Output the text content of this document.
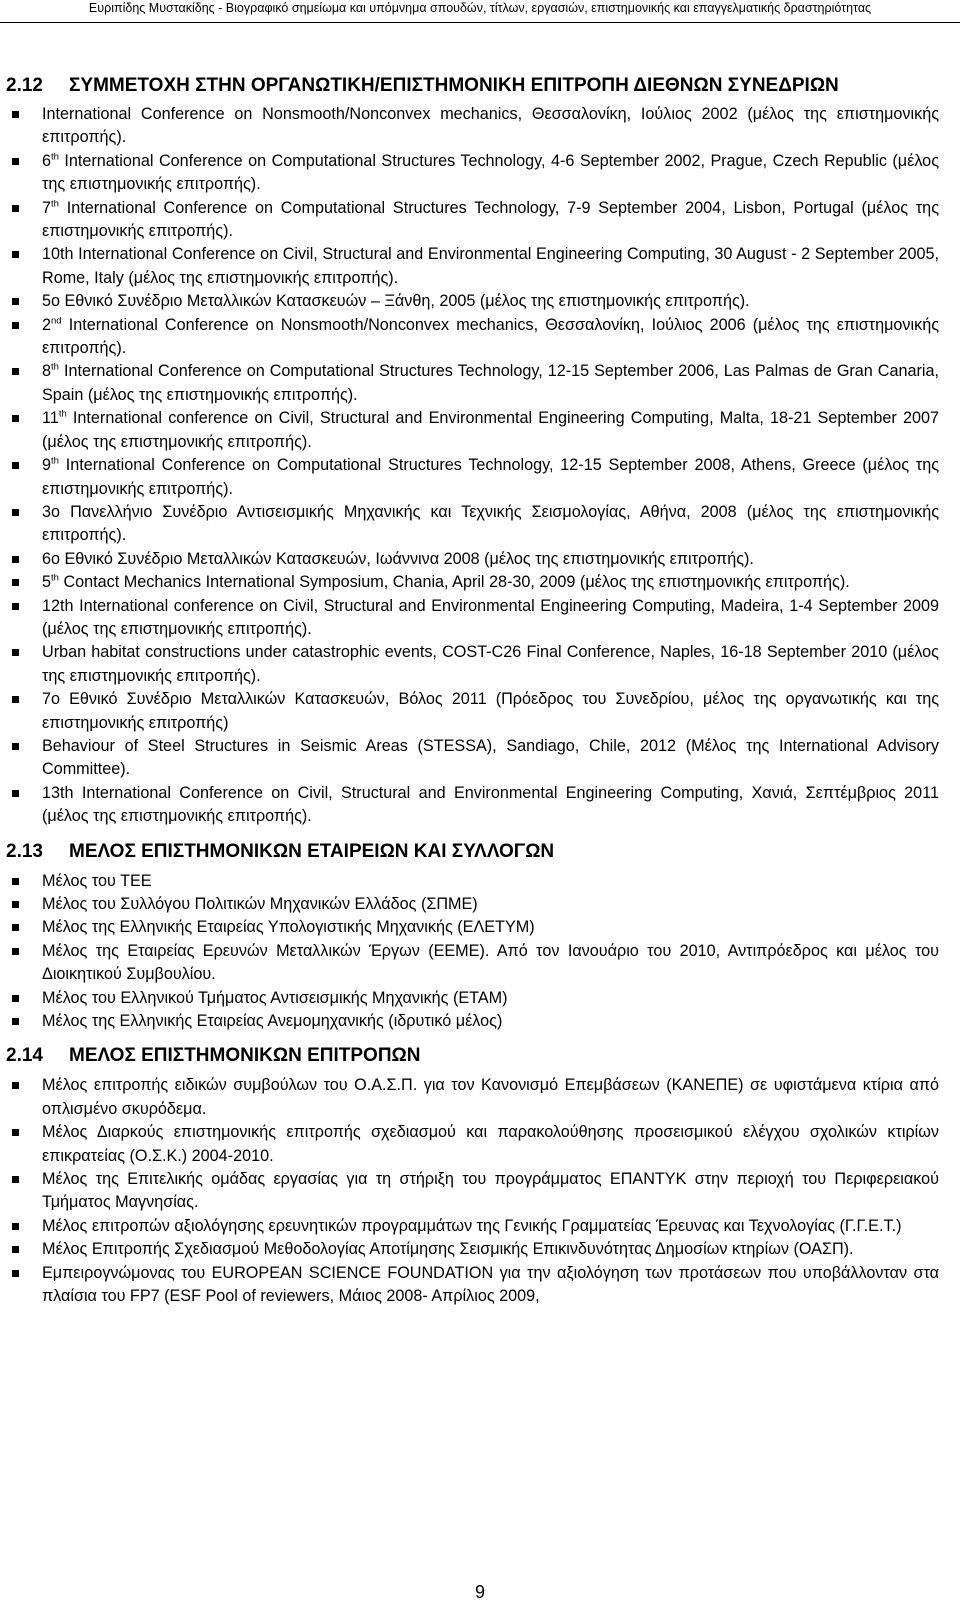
Ευριπίδης Μυστακίδης - Βιογραφικό σημείωμα και υπόμνημα σπουδών, τίτλων, εργασιών, επιστημονικής και επαγγελματικής δραστηριότητας
2.12 ΣΥΜΜΕΤΟΧΗ ΣΤΗΝ ΟΡΓΑΝΩΤΙΚΗ/ΕΠΙΣΤΗΜΟΝΙΚΗ ΕΠΙΤΡΟΠΗ ΔΙΕΘΝΩΝ ΣΥΝΕΔΡΙΩΝ
International Conference on Nonsmooth/Nonconvex mechanics, Θεσσαλονίκη, Ιούλιος 2002 (μέλος της επιστημονικής επιτροπής).
6th International Conference on Computational Structures Technology, 4-6 September 2002, Prague, Czech Republic (μέλος της επιστημονικής επιτροπής).
7th International Conference on Computational Structures Technology, 7-9 September 2004, Lisbon, Portugal (μέλος της επιστημονικής επιτροπής).
10th International Conference on Civil, Structural and Environmental Engineering Computing, 30 August - 2 September 2005, Rome, Italy (μέλος της επιστημονικής επιτροπής).
5ο Εθνικό Συνέδριο Μεταλλικών Κατασκευών – Ξάνθη, 2005 (μέλος της επιστημονικής επιτροπής).
2nd International Conference on Nonsmooth/Nonconvex mechanics, Θεσσαλονίκη, Ιούλιος 2006 (μέλος της επιστημονικής επιτροπής).
8th International Conference on Computational Structures Technology, 12-15 September 2006, Las Palmas de Gran Canaria, Spain (μέλος της επιστημονικής επιτροπής).
11th International conference on Civil, Structural and Environmental Engineering Computing, Malta, 18-21 September 2007 (μέλος της επιστημονικής επιτροπής).
9th International Conference on Computational Structures Technology, 12-15 September 2008, Athens, Greece (μέλος της επιστημονικής επιτροπής).
3ο Πανελλήνιο Συνέδριο Αντισεισμικής Μηχανικής και Τεχνικής Σεισμολογίας, Αθήνα, 2008 (μέλος της επιστημονικής επιτροπής).
6ο Εθνικό Συνέδριο Μεταλλικών Κατασκευών, Ιωάννινα 2008 (μέλος της επιστημονικής επιτροπής).
5th Contact Mechanics International Symposium, Chania, April 28-30, 2009 (μέλος της επιστημονικής επιτροπής).
12th International conference on Civil, Structural and Environmental Engineering Computing, Madeira, 1-4 September 2009 (μέλος της επιστημονικής επιτροπής).
Urban habitat constructions under catastrophic events, COST-C26 Final Conference, Naples, 16-18 September 2010 (μέλος της επιστημονικής επιτροπής).
7ο Εθνικό Συνέδριο Μεταλλικών Κατασκευών, Βόλος 2011 (Πρόεδρος του Συνεδρίου, μέλος της οργανωτικής και της επιστημονικής επιτροπής)
Behaviour of Steel Structures in Seismic Areas (STESSA), Sandiago, Chile, 2012 (Μέλος της International Advisory Committee).
13th International Conference on Civil, Structural and Environmental Engineering Computing, Χανιά, Σεπτέμβριος 2011 (μέλος της επιστημονικής επιτροπής).
2.13 ΜΕΛΟΣ ΕΠΙΣΤΗΜΟΝΙΚΩΝ ΕΤΑΙΡΕΙΩΝ ΚΑΙ ΣΥΛΛΟΓΩΝ
Μέλος του ΤΕΕ
Μέλος του Συλλόγου Πολιτικών Μηχανικών Ελλάδος (ΣΠΜΕ)
Μέλος της Ελληνικής Εταιρείας Υπολογιστικής Μηχανικής (ΕΛΕΤΥΜ)
Μέλος της Εταιρείας Ερευνών Μεταλλικών Έργων (ΕΕΜΕ). Από τον Ιανουάριο του 2010, Αντιπρόεδρος και μέλος του Διοικητικού Συμβουλίου.
Μέλος του Ελληνικού Τμήματος Αντισεισμικής Μηχανικής (ΕΤΑΜ)
Μέλος της Ελληνικής Εταιρείας Ανεμομηχανικής (ιδρυτικό μέλος)
2.14 ΜΕΛΟΣ ΕΠΙΣΤΗΜΟΝΙΚΩΝ ΕΠΙΤΡΟΠΩΝ
Μέλος επιτροπής ειδικών συμβούλων του Ο.Α.Σ.Π. για τον Κανονισμό Επεμβάσεων (ΚΑΝΕΠΕ) σε υφιστάμενα κτίρια από οπλισμένο σκυρόδεμα.
Μέλος Διαρκούς επιστημονικής επιτροπής σχεδιασμού και παρακολούθησης προσεισμικού ελέγχου σχολικών κτιρίων επικρατείας (Ο.Σ.Κ.) 2004-2010.
Μέλος της Επιτελικής ομάδας εργασίας για τη στήριξη του προγράμματος ΕΠΑΝΤΥΚ στην περιοχή του Περιφερειακού Τμήματος Μαγνησίας.
Μέλος επιτροπών αξιολόγησης ερευνητικών προγραμμάτων της Γενικής Γραμματείας Έρευνας και Τεχνολογίας (Γ.Γ.Ε.Τ.)
Μέλος Επιτροπής Σχεδιασμού Μεθοδολογίας Αποτίμησης Σεισμικής Επικινδυνότητας Δημοσίων κτηρίων (ΟΑΣΠ).
Εμπειρογνώμονας του EUROPEAN SCIENCE FOUNDATION για την αξιολόγηση των προτάσεων που υποβάλλονταν στα πλαίσια του FP7 (ESF Pool of reviewers, Μάιος 2008- Απρίλιος 2009,
9
